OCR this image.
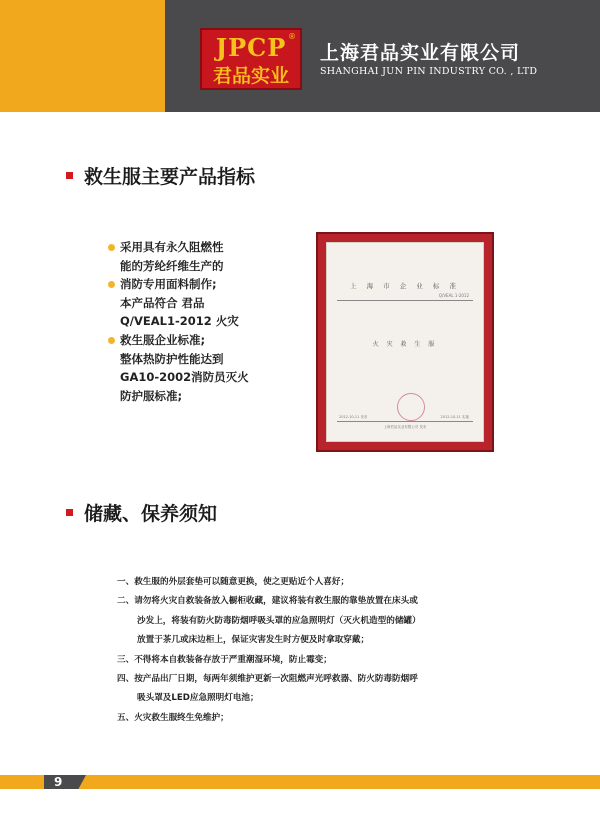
JPCP ®
君品实业
上海君品实业有限公司
SHANGHAI JUN PIN INDUSTRY CO. , LTD
救生服主要产品指标
采用具有永久阻燃性
能的芳纶纤维生产的
消防专用面料制作;
本产品符合 君品
Q/VEAL1-2012 火灾
救生服企业标准;
整体热防护性能达到
GA10-2002消防员灭火
防护服标准;
上 海 市 企 业 标 准
Q/VEAL 1-2012
火 灾 救 生 服
2012-10-11 发布	2012-10-11 实施
上海君品实业有限公司 发布
储藏、保养须知
一、救生服的外层套垫可以随意更换，使之更贴近个人喜好；
二、请勿将火灾自救装备放入橱柜收藏，建议将装有救生服的靠垫放置在床头或
沙发上，将装有防火防毒防烟呼吸头罩的应急照明灯（灭火机造型的储罐）
放置于茶几或床边柜上，保证灾害发生时方便及时拿取穿戴；
三、不得将本自救装备存放于严重潮湿环境，防止霉变；
四、按产品出厂日期，每两年须维护更新一次阻燃声光呼救器、防火防毒防烟呼
吸头罩及LED应急照明灯电池；
五、火灾救生服终生免维护；
9
